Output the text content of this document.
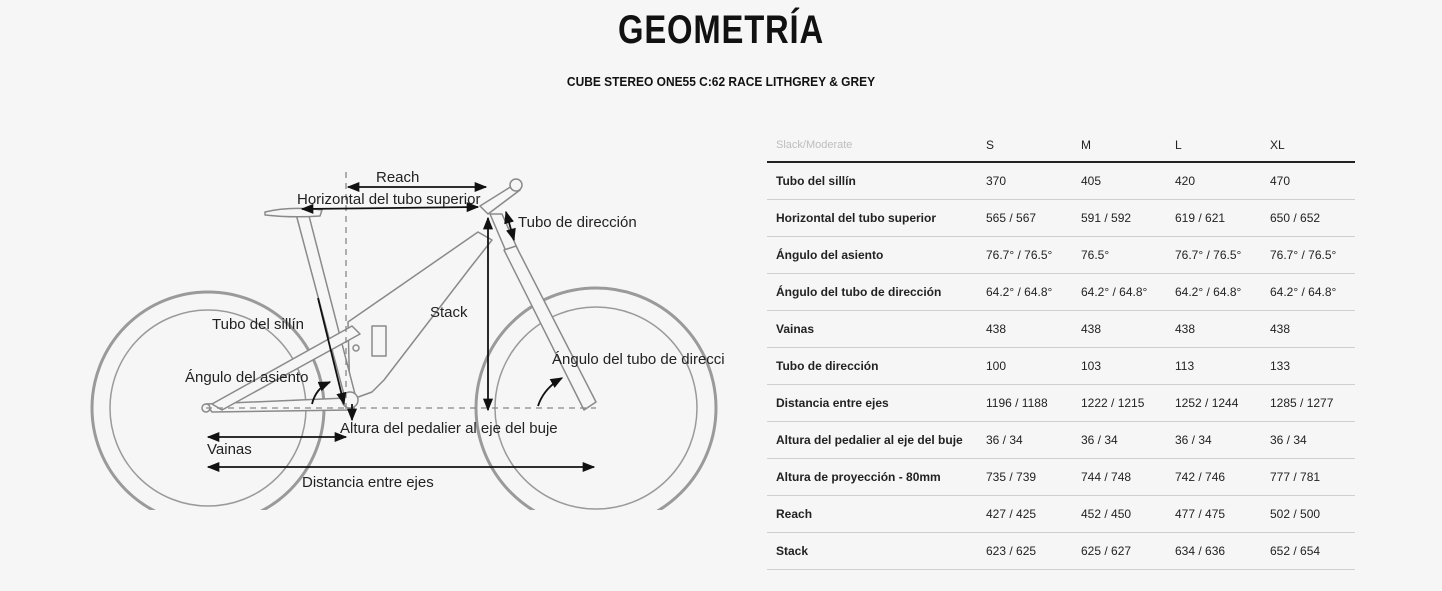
GEOMETRÍA

CUBE STEREO ONE55 C:62 RACE LITHGREY & GREY

Reach
Horizontal del tubo superior
Tubo de dirección
Stack
Tubo del sillín
Ángulo del asiento
Ángulo del tubo de direcci
Altura del pedalier al eje del buje
Vainas
Distancia entre ejes
Slack/Moderate	S	M	L	XL
Tubo del sillín	370	405	420	470
Horizontal del tubo superior	565 / 567	591 / 592	619 / 621	650 / 652
Ángulo del asiento	76.7° / 76.5°	76.5°	76.7° / 76.5°	76.7° / 76.5°
Ángulo del tubo de dirección	64.2° / 64.8°	64.2° / 64.8°	64.2° / 64.8°	64.2° / 64.8°
Vainas	438	438	438	438
Tubo de dirección	100	103	113	133
Distancia entre ejes	1196 / 1188	1222 / 1215	1252 / 1244	1285 / 1277
Altura del pedalier al eje del buje	36 / 34	36 / 34	36 / 34	36 / 34
Altura de proyección - 80mm	735 / 739	744 / 748	742 / 746	777 / 781
Reach	427 / 425	452 / 450	477 / 475	502 / 500
Stack	623 / 625	625 / 627	634 / 636	652 / 654
